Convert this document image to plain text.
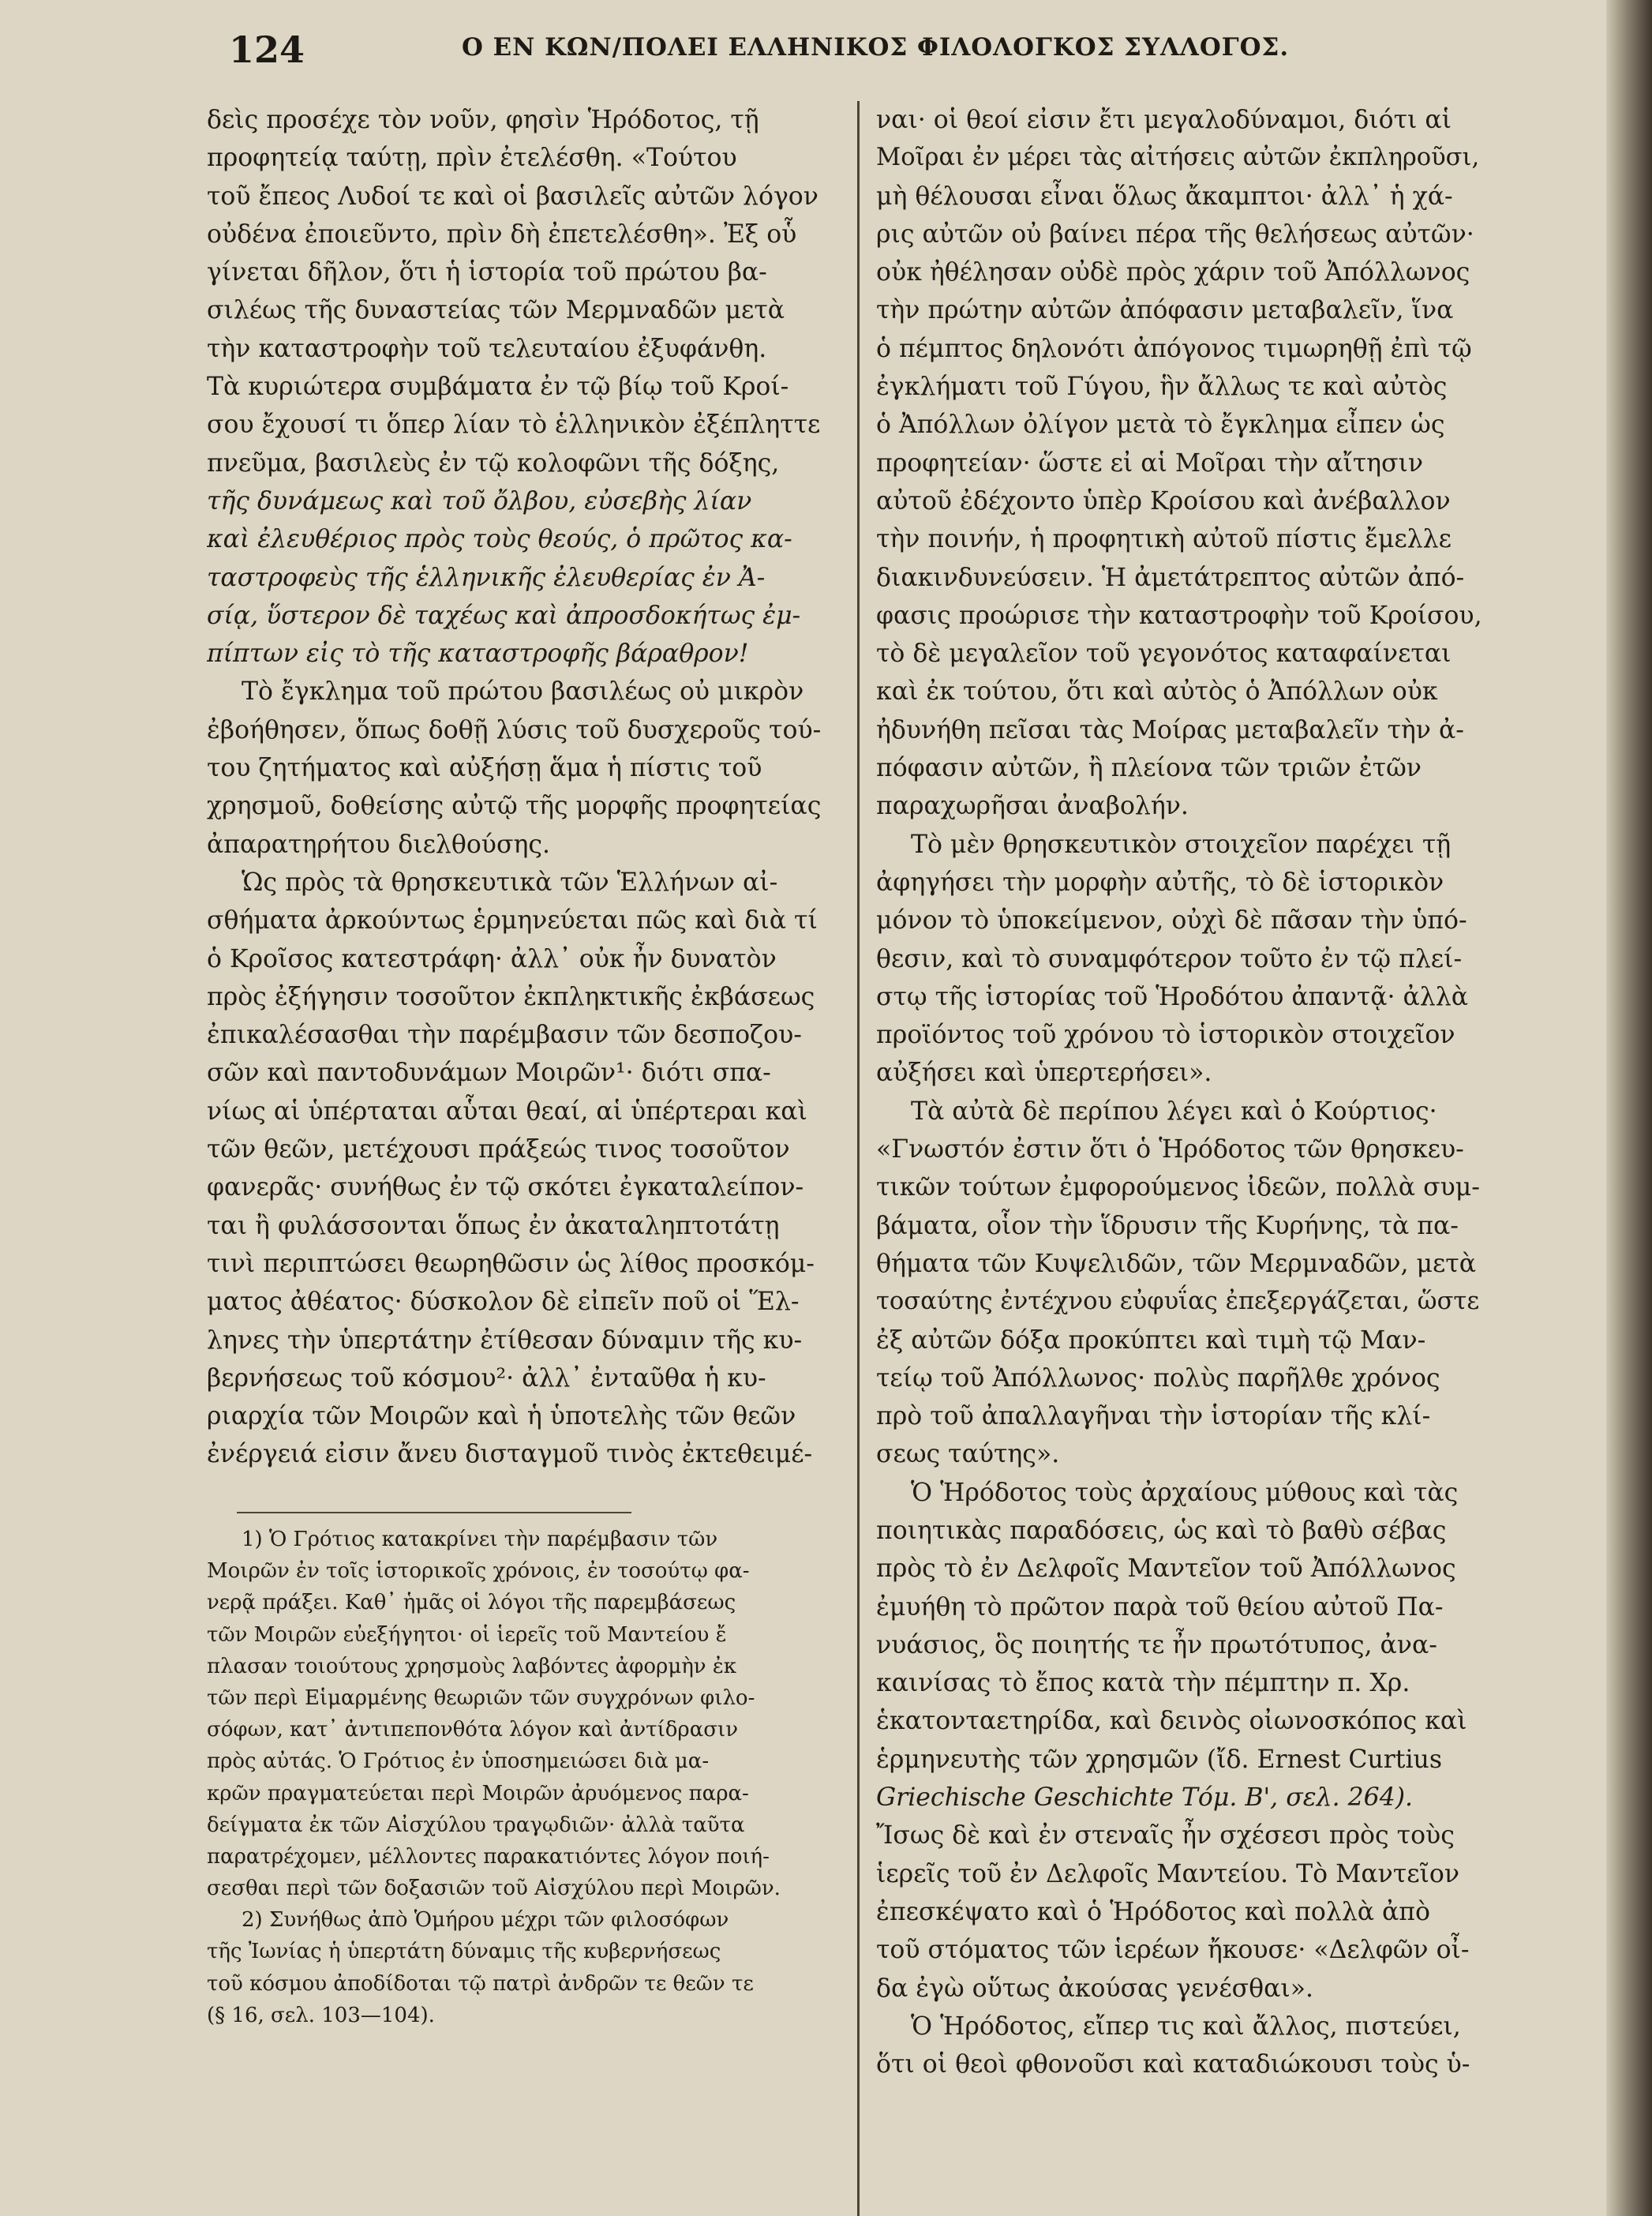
124	Ο ΕΝ ΚΩΝ/ΠΟΛΕΙ ΕΛΛΗΝΙΚΟΣ ΦΙΛΟΛΟΓΚΟΣ ΣΥΛΛΟΓΟΣ.
δεὶς προσέχε τὸν νοῦν, φησὶν Ἡρόδοτος, τῇ
προφητείᾳ ταύτῃ, πρὶν ἐτελέσθη. «Τούτου
τοῦ ἔπεος Λυδοί τε καὶ οἱ βασιλεῖς αὐτῶν λόγον
οὐδένα ἐποιεῦντο, πρὶν δὴ ἐπετελέσθη». Ἐξ οὗ
γίνεται δῆλον, ὅτι ἡ ἱστορία τοῦ πρώτου βα-
σιλέως τῆς δυναστείας τῶν Μερμναδῶν μετὰ
τὴν καταστροφὴν τοῦ τελευταίου ἐξυφάνθη.
Τὰ κυριώτερα συμβάματα ἐν τῷ βίῳ τοῦ Κροί-
σου ἔχουσί τι ὅπερ λίαν τὸ ἑλληνικὸν ἐξέπληττε
πνεῦμα, βασιλεὺς ἐν τῷ κολοφῶνι τῆς δόξης,
τῆς δυνάμεως καὶ τοῦ ὄλβου, εὐσεβὴς λίαν
καὶ ἐλευθέριος πρὸς τοὺς θεούς, ὁ πρῶτος κα-
ταστροφεὺς τῆς ἑλληνικῆς ἐλευθερίας ἐν Ἀ-
σίᾳ, ὕστερον δὲ ταχέως καὶ ἀπροσδοκήτως ἐμ-
πίπτων εἰς τὸ τῆς καταστροφῆς βάραθρον!
Τὸ ἔγκλημα τοῦ πρώτου βασιλέως οὐ μικρὸν
ἐβοήθησεν, ὅπως δοθῇ λύσις τοῦ δυσχεροῦς τού-
του ζητήματος καὶ αὐξήσῃ ἅμα ἡ πίστις τοῦ
χρησμοῦ, δοθείσης αὐτῷ τῆς μορφῆς προφητείας
ἀπαρατηρήτου διελθούσης.
Ὡς πρὸς τὰ θρησκευτικὰ τῶν Ἑλλήνων αἰ-
σθήματα ἀρκούντως ἑρμηνεύεται πῶς καὶ διὰ τί
ὁ Κροῖσος κατεστράφη· ἀλλ᾽ οὐκ ἦν δυνατὸν
πρὸς ἐξήγησιν τοσοῦτον ἐκπληκτικῆς ἐκβάσεως
ἐπικαλέσασθαι τὴν παρέμβασιν τῶν δεσποζου-
σῶν καὶ παντοδυνάμων Μοιρῶν¹· διότι σπα-
νίως αἱ ὑπέρταται αὗται θεαί, αἱ ὑπέρτεραι καὶ
τῶν θεῶν, μετέχουσι πράξεώς τινος τοσοῦτον
φανερᾶς· συνήθως ἐν τῷ σκότει ἐγκαταλείπον-
ται ἢ φυλάσσονται ὅπως ἐν ἀκαταληπτοτάτῃ
τινὶ περιπτώσει θεωρηθῶσιν ὡς λίθος προσκόμ-
ματος ἀθέατος· δύσκολον δὲ εἰπεῖν ποῦ οἱ Ἕλ-
ληνες τὴν ὑπερτάτην ἐτίθεσαν δύναμιν τῆς κυ-
βερνήσεως τοῦ κόσμου²· ἀλλ᾽ ἐνταῦθα ἡ κυ-
ριαρχία τῶν Μοιρῶν καὶ ἡ ὑποτελὴς τῶν θεῶν
ἐνέργειά εἰσιν ἄνευ δισταγμοῦ τινὸς ἐκτεθειμέ-
1) Ὁ Γρότιος κατακρίνει τὴν παρέμβασιν τῶν
Μοιρῶν ἐν τοῖς ἱστορικοῖς χρόνοις, ἐν τοσούτῳ φα-
νερᾷ πράξει. Καθ᾽ ἡμᾶς οἱ λόγοι τῆς παρεμβάσεως
τῶν Μοιρῶν εὐεξήγητοι· οἱ ἱερεῖς τοῦ Μαντείου ἔ
πλασαν τοιούτους χρησμοὺς λαβόντες ἀφορμὴν ἐκ
τῶν περὶ Εἱμαρμένης θεωριῶν τῶν συγχρόνων φιλο-
σόφων, κατ᾽ ἀντιπεπονθότα λόγον καὶ ἀντίδρασιν
πρὸς αὐτάς. Ὁ Γρότιος ἐν ὑποσημειώσει διὰ μα-
κρῶν πραγματεύεται περὶ Μοιρῶν ἀρυόμενος παρα-
δείγματα ἐκ τῶν Αἰσχύλου τραγῳδιῶν· ἀλλὰ ταῦτα
παρατρέχομεν, μέλλοντες παρακατιόντες λόγον ποιή-
σεσθαι περὶ τῶν δοξασιῶν τοῦ Αἰσχύλου περὶ Μοιρῶν.
2) Συνήθως ἀπὸ Ὁμήρου μέχρι τῶν φιλοσόφων
τῆς Ἰωνίας ἡ ὑπερτάτη δύναμις τῆς κυβερνήσεως
τοῦ κόσμου ἀποδίδοται τῷ πατρὶ ἀνδρῶν τε θεῶν τε
(§ 16, σελ. 103—104).
ναι· οἱ θεοί εἰσιν ἔτι μεγαλοδύναμοι, διότι αἱ
Μοῖραι ἐν μέρει τὰς αἰτήσεις αὐτῶν ἐκπληροῦσι,
μὴ θέλουσαι εἶναι ὅλως ἄκαμπτοι· ἀλλ᾽ ἡ χά-
ρις αὐτῶν οὐ βαίνει πέρα τῆς θελήσεως αὐτῶν·
οὐκ ἠθέλησαν οὐδὲ πρὸς χάριν τοῦ Ἀπόλλωνος
τὴν πρώτην αὐτῶν ἀπόφασιν μεταβαλεῖν, ἵνα
ὁ πέμπτος δηλονότι ἀπόγονος τιμωρηθῇ ἐπὶ τῷ
ἐγκλήματι τοῦ Γύγου, ἣν ἄλλως τε καὶ αὐτὸς
ὁ Ἀπόλλων ὀλίγον μετὰ τὸ ἔγκλημα εἶπεν ὡς
προφητείαν· ὥστε εἰ αἱ Μοῖραι τὴν αἴτησιν
αὐτοῦ ἐδέχοντο ὑπὲρ Κροίσου καὶ ἀνέβαλλον
τὴν ποινήν, ἡ προφητικὴ αὐτοῦ πίστις ἔμελλε
διακινδυνεύσειν. Ἡ ἀμετάτρεπτος αὐτῶν ἀπό-
φασις προώρισε τὴν καταστροφὴν τοῦ Κροίσου,
τὸ δὲ μεγαλεῖον τοῦ γεγονότος καταφαίνεται
καὶ ἐκ τούτου, ὅτι καὶ αὐτὸς ὁ Ἀπόλλων οὐκ
ἠδυνήθη πεῖσαι τὰς Μοίρας μεταβαλεῖν τὴν ἀ-
πόφασιν αὐτῶν, ἢ πλείονα τῶν τριῶν ἐτῶν
παραχωρῆσαι ἀναβολήν.
Τὸ μὲν θρησκευτικὸν στοιχεῖον παρέχει τῇ
ἀφηγήσει τὴν μορφὴν αὐτῆς, τὸ δὲ ἱστορικὸν
μόνον τὸ ὑποκείμενον, οὐχὶ δὲ πᾶσαν τὴν ὑπό-
θεσιν, καὶ τὸ συναμφότερον τοῦτο ἐν τῷ πλεί-
στῳ τῆς ἱστορίας τοῦ Ἡροδότου ἀπαντᾷ· ἀλλὰ
προϊόντος τοῦ χρόνου τὸ ἱστορικὸν στοιχεῖον
αὐξήσει καὶ ὑπερτερήσει».
Τὰ αὐτὰ δὲ περίπου λέγει καὶ ὁ Κούρτιος·
«Γνωστόν ἐστιν ὅτι ὁ Ἡρόδοτος τῶν θρησκευ-
τικῶν τούτων ἐμφορούμενος ἰδεῶν, πολλὰ συμ-
βάματα, οἷον τὴν ἵδρυσιν τῆς Κυρήνης, τὰ πα-
θήματα τῶν Κυψελιδῶν, τῶν Μερμναδῶν, μετὰ
τοσαύτης ἐντέχνου εὐφυΐας ἐπεξεργάζεται, ὥστε
ἐξ αὐτῶν δόξα προκύπτει καὶ τιμὴ τῷ Μαν-
τείῳ τοῦ Ἀπόλλωνος· πολὺς παρῆλθε χρόνος
πρὸ τοῦ ἀπαλλαγῆναι τὴν ἱστορίαν τῆς κλί-
σεως ταύτης».
Ὁ Ἡρόδοτος τοὺς ἀρχαίους μύθους καὶ τὰς
ποιητικὰς παραδόσεις, ὡς καὶ τὸ βαθὺ σέβας
πρὸς τὸ ἐν Δελφοῖς Μαντεῖον τοῦ Ἀπόλλωνος
ἐμυήθη τὸ πρῶτον παρὰ τοῦ θείου αὐτοῦ Πα-
νυάσιος, ὃς ποιητής τε ἦν πρωτότυπος, ἀνα-
καινίσας τὸ ἔπος κατὰ τὴν πέμπτην π. Χρ.
ἑκατονταετηρίδα, καὶ δεινὸς οἰωνοσκόπος καὶ
ἑρμηνευτὴς τῶν χρησμῶν (ἴδ. Ernest Curtius
Griechische Geschichte Τόμ. Β', σελ. 264).
Ἴσως δὲ καὶ ἐν στεναῖς ἦν σχέσεσι πρὸς τοὺς
ἱερεῖς τοῦ ἐν Δελφοῖς Μαντείου. Τὸ Μαντεῖον
ἐπεσκέψατο καὶ ὁ Ἡρόδοτος καὶ πολλὰ ἀπὸ
τοῦ στόματος τῶν ἱερέων ἤκουσε· «Δελφῶν οἶ-
δα ἐγὼ οὕτως ἀκούσας γενέσθαι».
Ὁ Ἡρόδοτος, εἴπερ τις καὶ ἄλλος, πιστεύει,
ὅτι οἱ θεοὶ φθονοῦσι καὶ καταδιώκουσι τοὺς ὑ-
